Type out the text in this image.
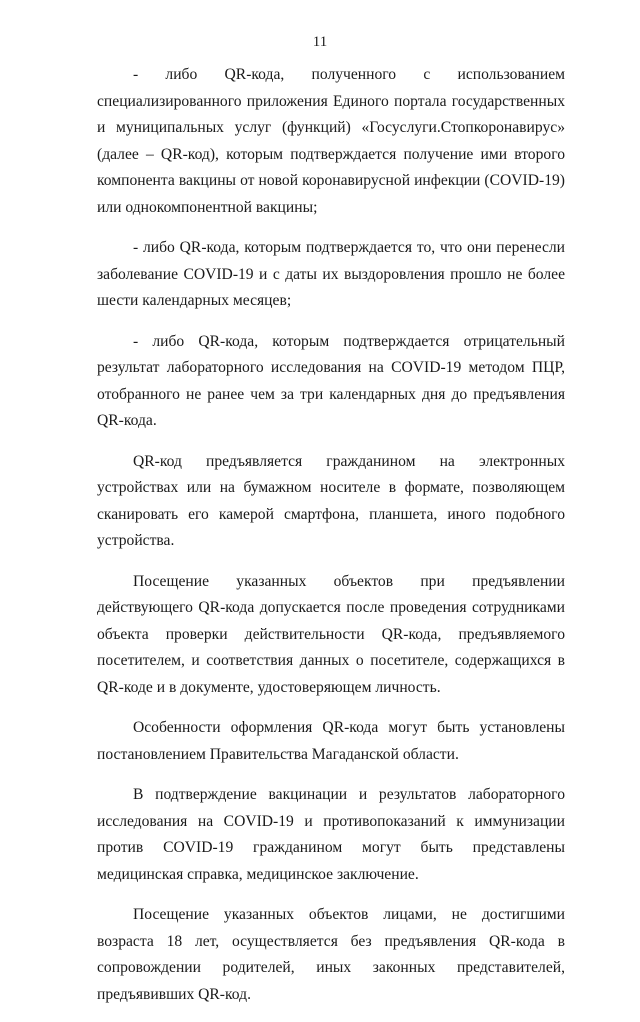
11

- либо QR-кода, полученного с использованием специализированного приложения Единого портала государственных и муниципальных услуг (функций) «Госуслуги.Стопкоронавирус» (далее – QR-код), которым подтверждается получение ими второго компонента вакцины от новой коронавирусной инфекции (COVID-19) или однокомпонентной вакцины;

- либо QR-кода, которым подтверждается то, что они перенесли заболевание COVID-19 и с даты их выздоровления прошло не более шести календарных месяцев;

- либо QR-кода, которым подтверждается отрицательный результат лабораторного исследования на COVID-19 методом ПЦР, отобранного не ранее чем за три календарных дня до предъявления QR-кода.

QR-код предъявляется гражданином на электронных устройствах или на бумажном носителе в формате, позволяющем сканировать его камерой смартфона, планшета, иного подобного устройства.

Посещение указанных объектов при предъявлении действующего QR-кода допускается после проведения сотрудниками объекта проверки действительности QR-кода, предъявляемого посетителем, и соответствия данных о посетителе, содержащихся в QR-коде и в документе, удостоверяющем личность.

Особенности оформления QR-кода могут быть установлены постановлением Правительства Магаданской области.

В подтверждение вакцинации и результатов лабораторного исследования на COVID-19 и противопоказаний к иммунизации против COVID-19 гражданином могут быть представлены медицинская справка, медицинское заключение.

Посещение указанных объектов лицами, не достигшими возраста 18 лет, осуществляется без предъявления QR-кода в сопровождении родителей, иных законных представителей, предъявивших QR-код.
